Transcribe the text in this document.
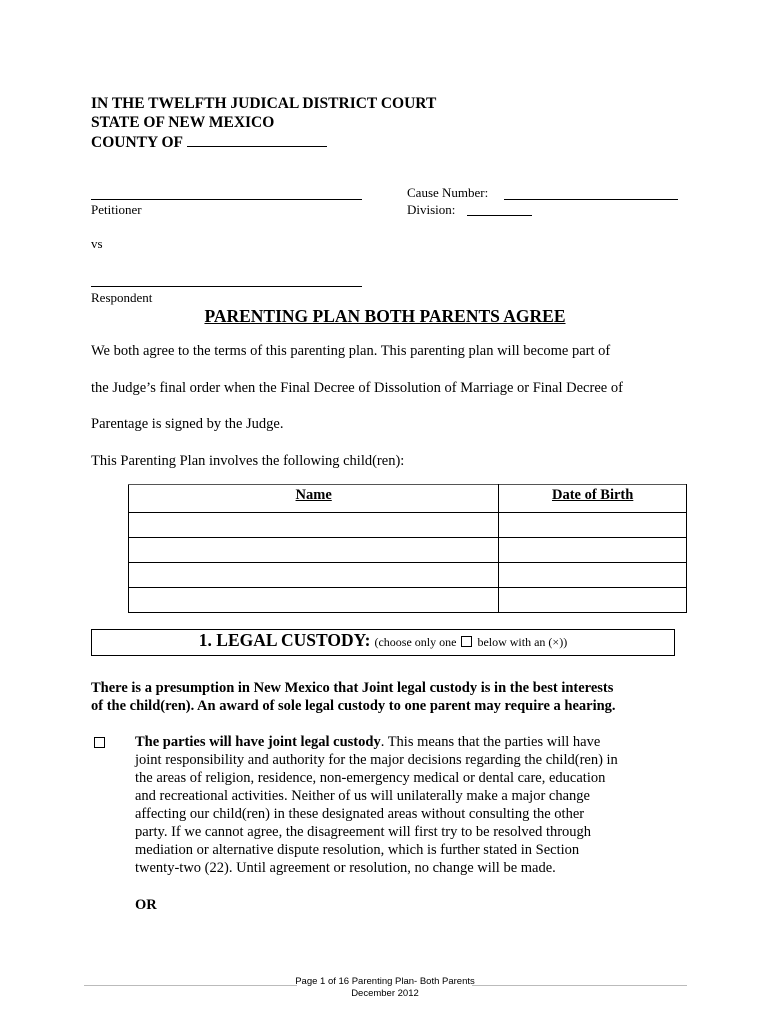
IN THE TWELFTH JUDICAL DISTRICT COURT
STATE OF NEW MEXICO
COUNTY OF
Petitioner
Cause Number:
Division:
vs
Respondent
PARENTING PLAN BOTH PARENTS AGREE
We both agree to the terms of this parenting plan. This parenting plan will become part of
the Judge’s final order when the Final Decree of Dissolution of Marriage or Final Decree of
Parentage is signed by the Judge.
This Parenting Plan involves the following child(ren):
Name	Date of Birth

1. LEGAL CUSTODY: (choose only one below with an (×))
There is a presumption in New Mexico that Joint legal custody is in the best interests
of the child(ren). An award of sole legal custody to one parent may require a hearing.
The parties will have joint legal custody. This means that the parties will have
joint responsibility and authority for the major decisions regarding the child(ren) in
the areas of religion, residence, non-emergency medical or dental care, education
and recreational activities. Neither of us will unilaterally make a major change
affecting our child(ren) in these designated areas without consulting the other
party. If we cannot agree, the disagreement will first try to be resolved through
mediation or alternative dispute resolution, which is further stated in Section
twenty-two (22). Until agreement or resolution, no change will be made.
OR
Page 1 of 16 Parenting Plan- Both Parents
December 2012
